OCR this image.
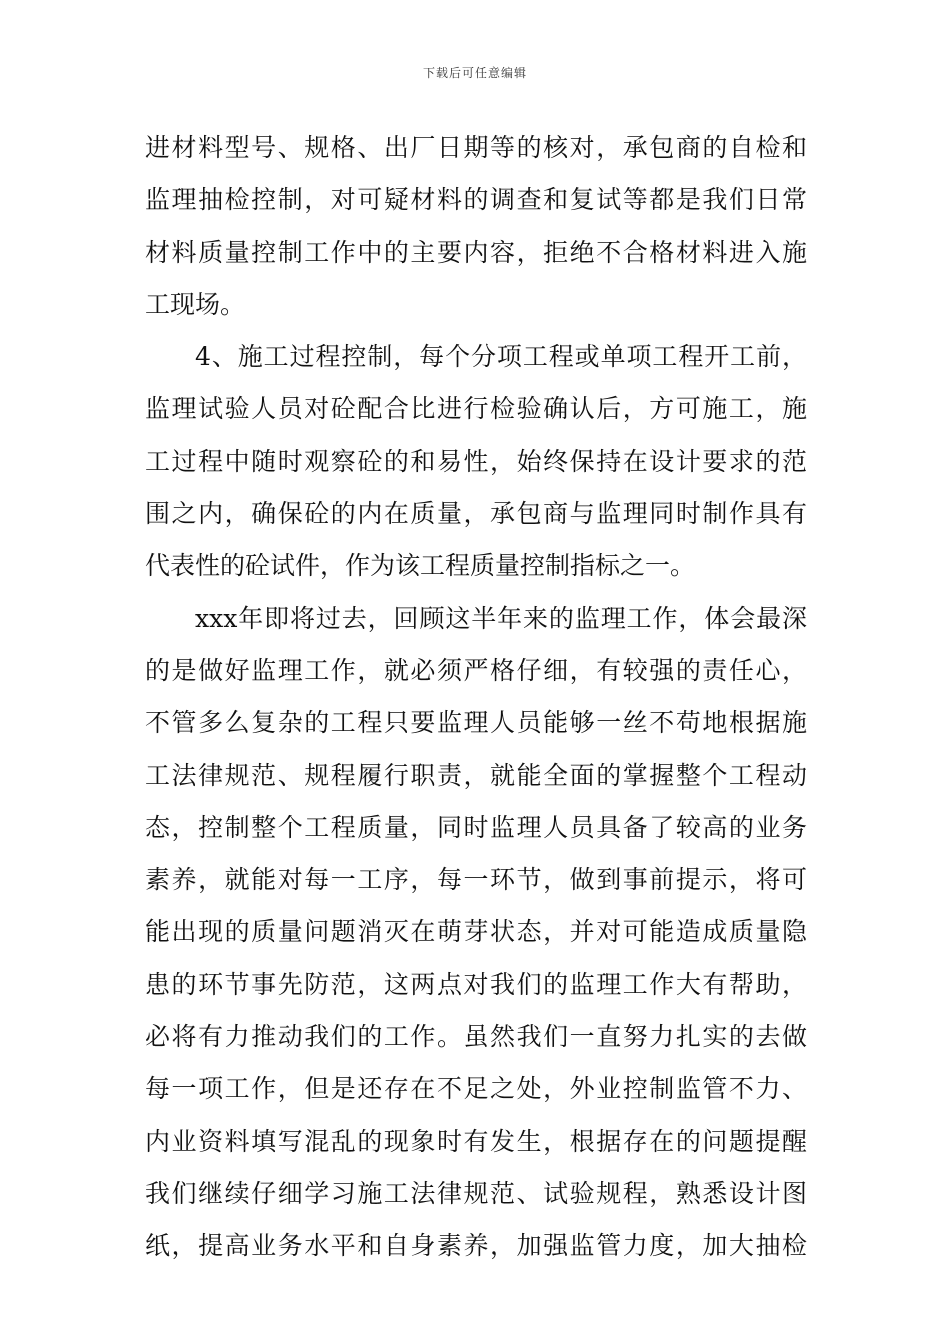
下载后可任意编辑
进材料型号、规格、出厂日期等的核对，承包商的自检和
监理抽检控制，对可疑材料的调查和复试等都是我们日常
材料质量控制工作中的主要内容，拒绝不合格材料进入施
工现场。
4、施工过程控制，每个分项工程或单项工程开工前，
监理试验人员对砼配合比进行检验确认后，方可施工，施
工过程中随时观察砼的和易性，始终保持在设计要求的范
围之内，确保砼的内在质量，承包商与监理同时制作具有
代表性的砼试件，作为该工程质量控制指标之一。
xxx年即将过去，回顾这半年来的监理工作，体会最深
的是做好监理工作，就必须严格仔细，有较强的责任心，
不管多么复杂的工程只要监理人员能够一丝不苟地根据施
工法律规范、规程履行职责，就能全面的掌握整个工程动
态，控制整个工程质量，同时监理人员具备了较高的业务
素养，就能对每一工序，每一环节，做到事前提示，将可
能出现的质量问题消灭在萌芽状态，并对可能造成质量隐
患的环节事先防范，这两点对我们的监理工作大有帮助，
必将有力推动我们的工作。虽然我们一直努力扎实的去做
每一项工作，但是还存在不足之处，外业控制监管不力、
内业资料填写混乱的现象时有发生，根据存在的问题提醒
我们继续仔细学习施工法律规范、试验规程，熟悉设计图
纸，提高业务水平和自身素养，加强监管力度，加大抽检
